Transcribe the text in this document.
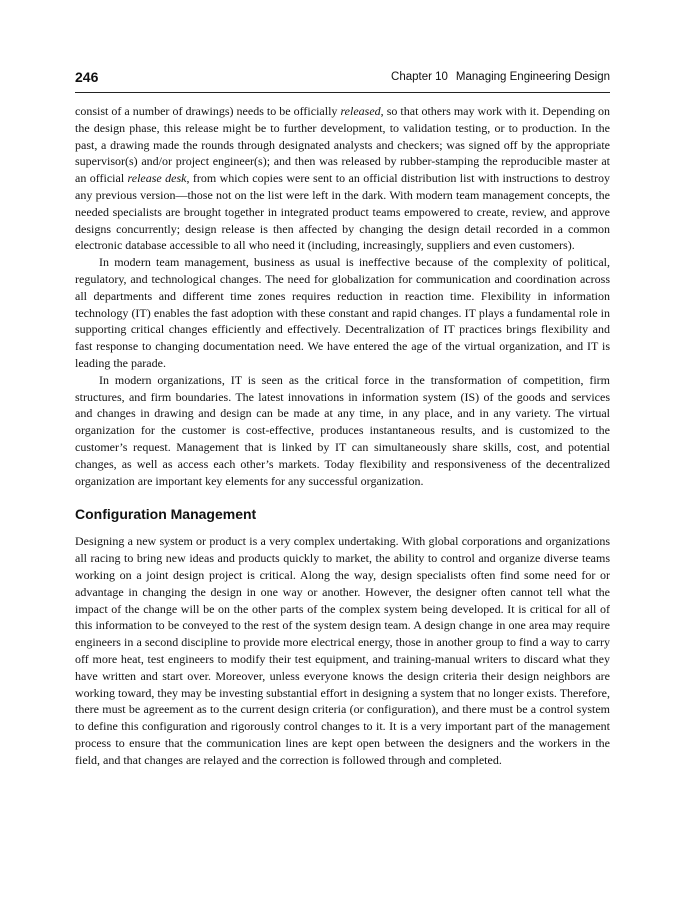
246	Chapter 10 Managing Engineering Design

consist of a number of drawings) needs to be officially released, so that others may work with it. Depending on the design phase, this release might be to further development, to validation testing, or to production. In the past, a drawing made the rounds through designated analysts and checkers; was signed off by the appropriate supervisor(s) and/or project engineer(s); and then was released by rubber-stamping the reproducible master at an official release desk, from which copies were sent to an official distribution list with instructions to destroy any previous version—those not on the list were left in the dark. With modern team management concepts, the needed specialists are brought together in integrated product teams empowered to create, review, and approve designs concurrently; design release is then affected by changing the design detail recorded in a common electronic database accessible to all who need it (including, increasingly, suppliers and even customers).

In modern team management, business as usual is ineffective because of the complexity of political, regulatory, and technological changes. The need for globalization for communication and coordination across all departments and different time zones requires reduction in reaction time. Flexibility in information technology (IT) enables the fast adoption with these constant and rapid changes. IT plays a fundamental role in supporting critical changes efficiently and effectively. Decentralization of IT practices brings flexibility and fast response to changing documentation need. We have entered the age of the virtual organization, and IT is leading the parade.

In modern organizations, IT is seen as the critical force in the transformation of competition, firm structures, and firm boundaries. The latest innovations in information system (IS) of the goods and services and changes in drawing and design can be made at any time, in any place, and in any variety. The virtual organization for the customer is cost-effective, produces instantaneous results, and is customized to the customer’s request. Management that is linked by IT can simultaneously share skills, cost, and potential changes, as well as access each other’s markets. Today flexibility and responsiveness of the decentralized organization are important key elements for any successful organization.

Configuration Management

Designing a new system or product is a very complex undertaking. With global corporations and organizations all racing to bring new ideas and products quickly to market, the ability to control and organize diverse teams working on a joint design project is critical. Along the way, design specialists often find some need for or advantage in changing the design in one way or another. However, the designer often cannot tell what the impact of the change will be on the other parts of the complex system being developed. It is critical for all of this information to be conveyed to the rest of the system design team. A design change in one area may require engineers in a second discipline to provide more electrical energy, those in another group to find a way to carry off more heat, test engineers to modify their test equipment, and training-manual writers to discard what they have written and start over. Moreover, unless everyone knows the design criteria their design neighbors are working toward, they may be investing substantial effort in designing a system that no longer exists. Therefore, there must be agreement as to the current design criteria (or configuration), and there must be a control system to define this configuration and rigorously control changes to it. It is a very important part of the management process to ensure that the communication lines are kept open between the designers and the workers in the field, and that changes are relayed and the correction is followed through and completed.
